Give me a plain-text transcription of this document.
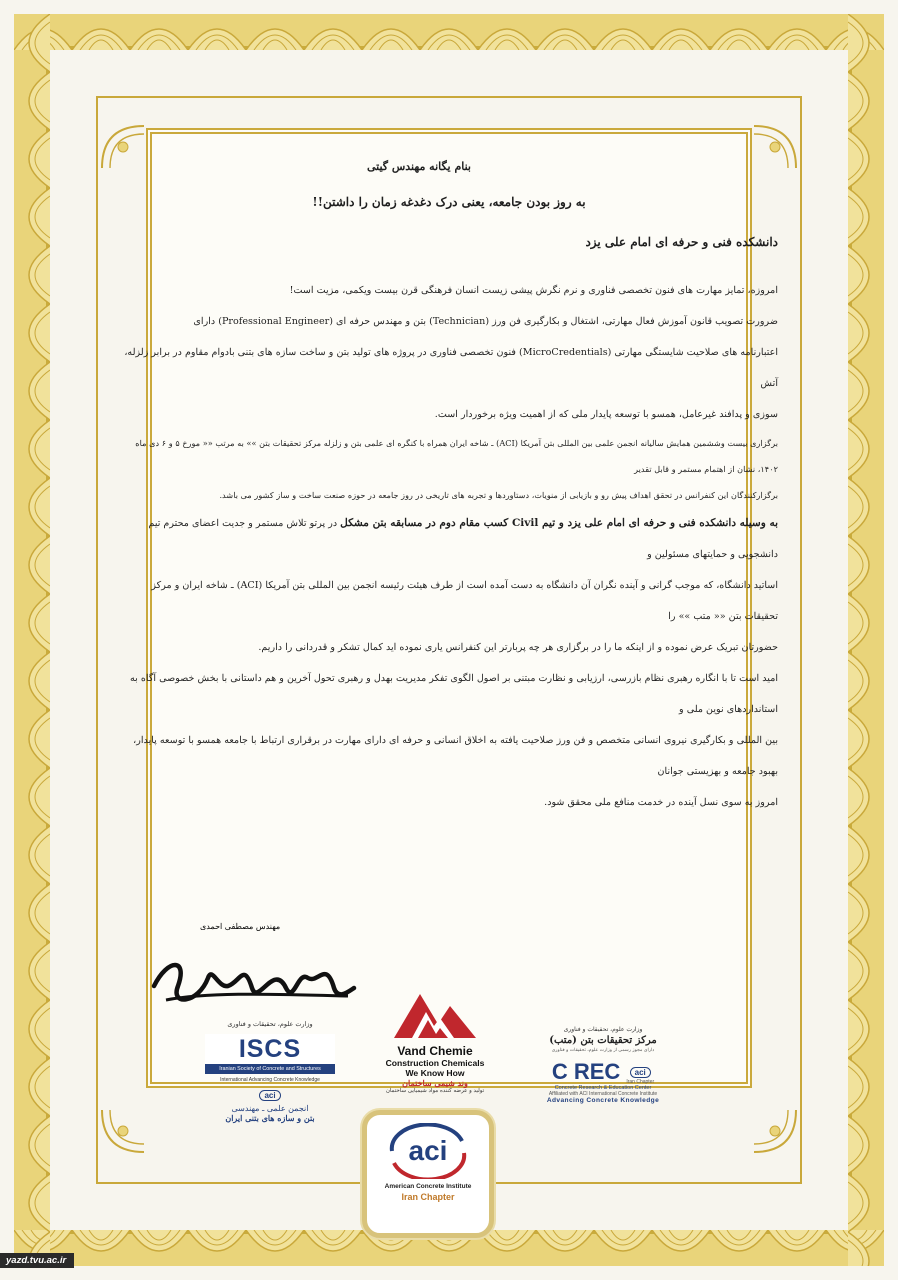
بنام یگانه مهندس گیتی
به روز بودن جامعه، یعنی درک دغدغه زمان را داشتن!!
دانشکده فنی و حرفه ای امام علی یزد

امروزه، تمایز مهارت های فنون تخصصی فناوری و نرم نگرش پیشی زیست انسان فرهنگی قرن بیست ویکمی، مزیت است!

ضرورت تصویب قانون آموزش فعال مهارتی، اشتغال و بکارگیری فن ورز (Technician) بتن و مهندس حرفه ای (Professional Engineer) دارای

اعتبارنامه های صلاحیت شایستگی مهارتی (MicroCredentials) فنون تخصصی فناوری در پروژه های تولید بتن و ساخت سازه های بتنی بادوام مقاوم در برابر زلزله، آتش

سوزی و پدافند غیرعامل، همسو با توسعه پایدار ملی که از اهمیت ویژه برخوردار است.

برگزاری بیست وششمین همایش سالیانه انجمن علمی بین المللی بتن آمریکا (ACI) ـ شاخه ایران همراه با کنگره ای علمی بتن و زلزله مرکز تحقیقات بتن »» به مرتب «« مورخ ۵ و ۶ دی ماه ۱۴۰۲، نشان از اهتمام مستمر و قابل تقدیر

برگزارکنندگان این کنفرانس در تحقق اهداف پیش رو و بازیابی از منویات، دستاوردها و تجربه های تاریخی در روز جامعه در حوزه صنعت ساخت و ساز کشور می باشد.

به وسیله دانشکده فنی و حرفه ای امام علی یزد و تیم Civil کسب مقام دوم در مسابقه بتن مشکل در پرتو تلاش مستمر و جدیت اعضای محترم تیم دانشجویی و حمایتهای مسئولین و

اساتید دانشگاه، که موجب گرانی و آینده نگران آن دانشگاه به دست آمده است از طرف هیئت رئیسه انجمن بین المللی بتن آمریکا (ACI) ـ شاخه ایران و مرکز تحقیقات بتن «« متب »» را

حضورتان تبریک عرض نموده و از اینکه ما را در برگزاری هر چه پربارتر این کنفرانس یاری نموده اید کمال تشکر و قدردانی را داریم.

امید است تا با انگاره رهبری نظام بازرسی، ارزیابی و نظارت مبتنی بر اصول الگوی تفکر مدیریت بهدل و رهبری تحول آخرین و هم داستانی با بخش خصوصی آگاه به استانداردهای نوین ملی و

بین المللی و بکارگیری نیروی انسانی متخصص و فن ورز صلاحیت یافته به اخلاق انسانی و حرفه ای دارای مهارت در برقراری ارتباط با جامعه همسو با توسعه پایدار، بهبود جامعه و بهزیستی جوانان

امروز به سوی نسل آینده در خدمت منافع ملی محقق شود.

مهندس مصطفی احمدی
وزارت علوم، تحقیقات و فناوری
ISCS
Iranian Society of Concrete and Structures
International Advancing Concrete Knowledge
aci
انجمن علمی ـ مهندسی
بتن و سازه های بتنی ایران
Vand Chemie
Construction Chemicals
We Know How
وند شیمی ساختمان
تولید و عرضه کننده مواد شیمیایی ساختمان
وزارت علوم، تحقیقات و فناوری
مرکز تحقیقات بتن (متب)
دارای مجوز رسمی از وزارت علوم، تحقیقات و فناوری
C REC	aci
Iran Chapter
Concrete Research & Education Center
Affiliated with ACI International Concrete Institute
Advancing Concrete Knowledge
aci
American Concrete Institute
Iran Chapter
yazd.tvu.ac.ir
